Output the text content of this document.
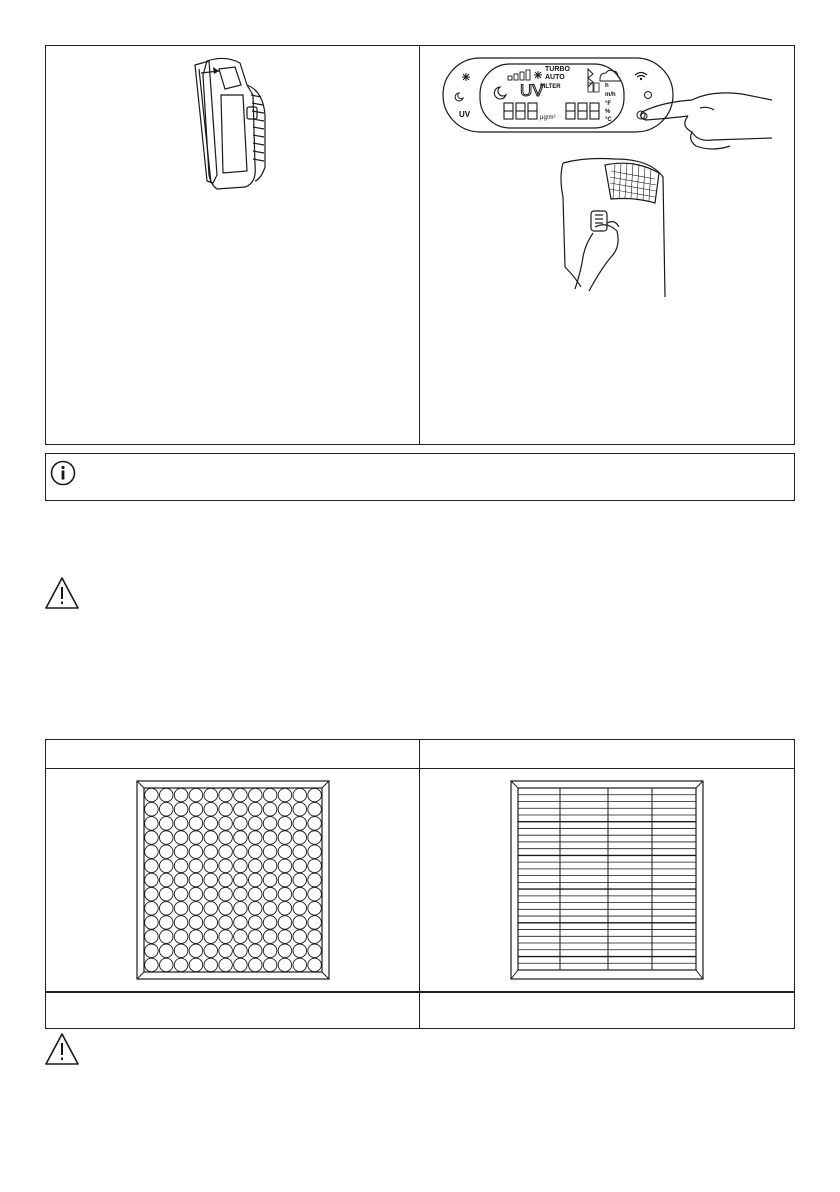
TURBO
AUTO
UV
FILTER
μg/m³
h
m/h
°F
%
°C
UV
